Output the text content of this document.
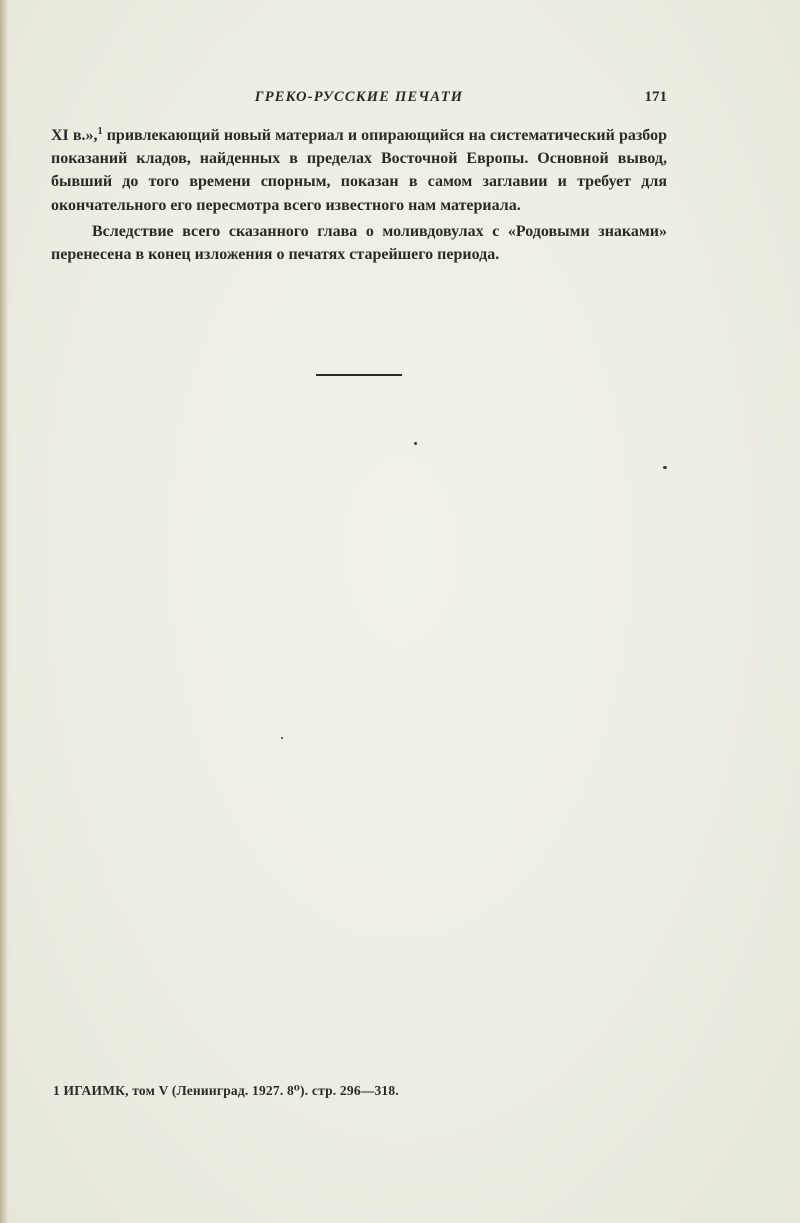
ГРЕКО-РУССКИЕ ПЕЧАТИ	171

XI в.»,$^1$ привлекающий новый материал и опирающийся на систематический разбор показаний кладов, найденных в пределах Восточной Европы. Основной вывод, бывший до того времени спорным, показан в самом заглавии и требует для окончательного его пересмотра всего известного нам материала.

Вследствие всего сказанного глава о моливдовулах с «Родовыми знаками» перенесена в конец изложения о печатях старейшего периода.

1 ИГАИМК, том V (Ленинград. 1927. 8⁰). стр. 296—318.
